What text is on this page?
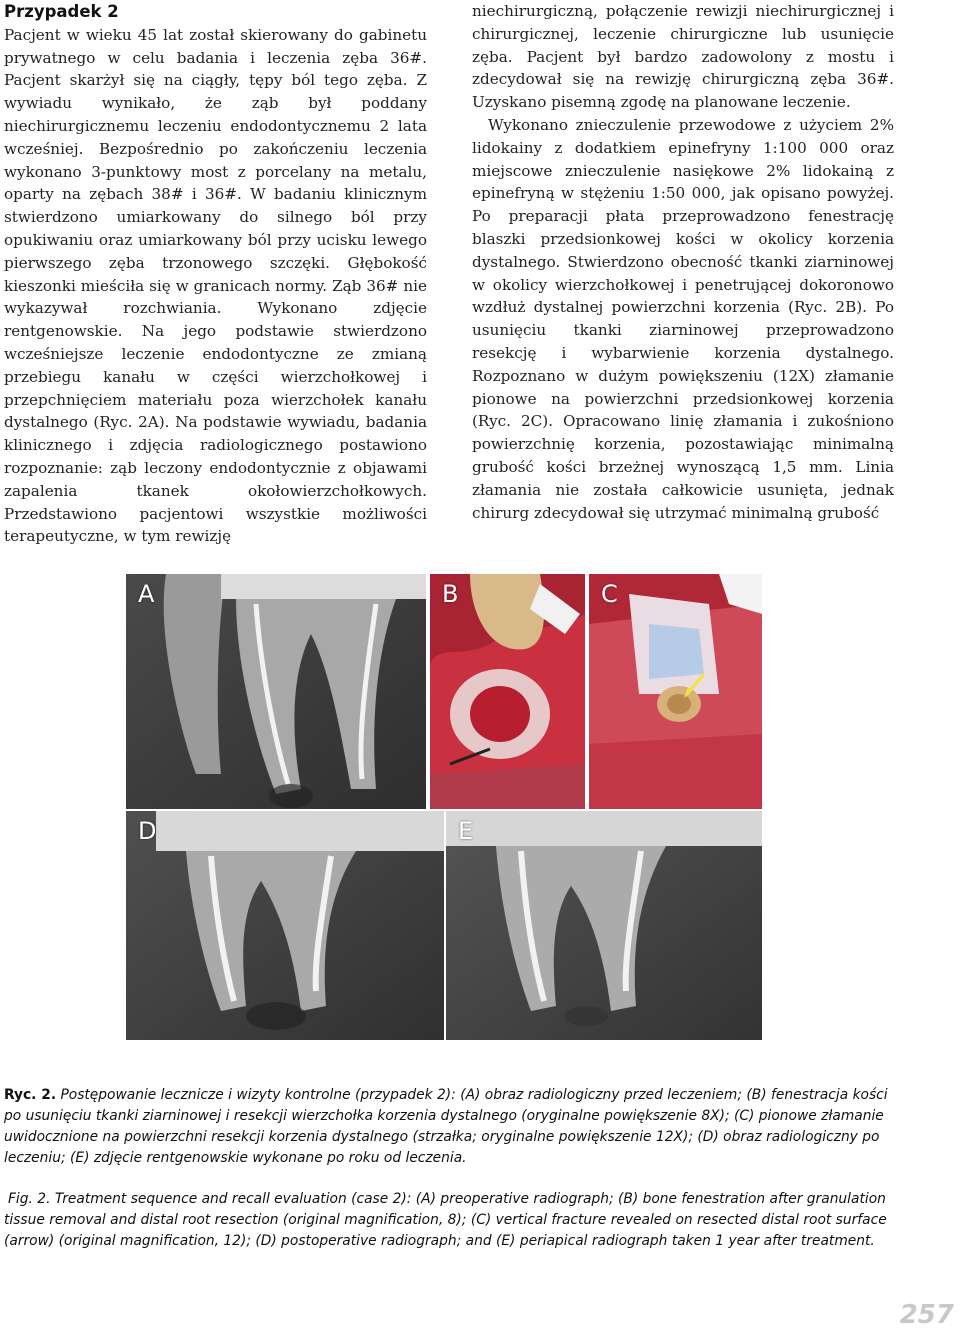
Przypadek 2

Pacjent w wieku 45 lat został skierowany do gabinetu prywatnego w celu badania i leczenia zęba 36#. Pacjent skarżył się na ciągły, tępy ból tego zęba. Z wywiadu wynikało, że ząb był poddany niechirurgicznemu leczeniu endodontycznemu 2 lata wcześniej. Bezpośrednio po zakończeniu leczenia wykonano 3-punktowy most z porcelany na metalu, oparty na zębach 38# i 36#. W badaniu klinicznym stwierdzono umiarkowany do silnego ból przy opukiwaniu oraz umiarkowany ból przy ucisku lewego pierwszego zęba trzonowego szczęki. Głębokość kieszonki mieściła się w granicach normy. Ząb 36# nie wykazywał rozchwiania. Wykonano zdjęcie rentgenowskie. Na jego podstawie stwierdzono wcześniejsze leczenie endodontyczne ze zmianą przebiegu kanału w części wierzchołkowej i przepchnięciem materiału poza wierzchołek kanału dystalnego (Ryc. 2A). Na podstawie wywiadu, badania klinicznego i zdjęcia radiologicznego postawiono rozpoznanie: ząb leczony endodontycznie z objawami zapalenia tkanek okołowierzchołkowych. Przedstawiono pacjentowi wszystkie możliwości terapeutyczne, w tym rewizję

niechirurgiczną, połączenie rewizji niechirurgicznej i chirurgicznej, leczenie chirurgiczne lub usunięcie zęba. Pacjent był bardzo zadowolony z mostu i zdecydował się na rewizję chirurgiczną zęba 36#. Uzyskano pisemną zgodę na planowane leczenie.

Wykonano znieczulenie przewodowe z użyciem 2% lidokainy z dodatkiem epinefryny 1:100 000 oraz miejscowe znieczulenie nasiękowe 2% lidokainą z epinefryną w stężeniu 1:50 000, jak opisano powyżej. Po preparacji płata przeprowadzono fenestrację blaszki przedsionkowej kości w okolicy korzenia dystalnego. Stwierdzono obecność tkanki ziarninowej w okolicy wierzchołkowej i penetrującej dokoronowo wzdłuż dystalnej powierzchni korzenia (Ryc. 2B). Po usunięciu tkanki ziarninowej przeprowadzono resekcję i wybarwienie korzenia dystalnego. Rozpoznano w dużym powiększeniu (12X) złamanie pionowe na powierzchni przedsionkowej korzenia (Ryc. 2C). Opracowano linię złamania i zukośniono powierzchnię korzenia, pozostawiając minimalną grubość kości brzeżnej wynoszącą 1,5 mm. Linia złamania nie została całkowicie usunięta, jednak chirurg zdecydował się utrzymać minimalną grubość

A	B	C
D	E
Ryc. 2. Postępowanie lecznicze i wizyty kontrolne (przypadek 2): (A) obraz radiologiczny przed leczeniem; (B) fenestracja kości po usunięciu tkanki ziarninowej i resekcji wierzchołka korzenia dystalnego (oryginalne powiększenie 8X); (C) pionowe złamanie uwidocznione na powierzchni resekcji korzenia dystalnego (strzałka; oryginalne powiększenie 12X); (D) obraz radiologiczny po leczeniu; (E) zdjęcie rentgenowskie wykonane po roku od leczenia.
Fig. 2. Treatment sequence and recall evaluation (case 2): (A) preoperative radiograph; (B) bone fenestration after granulation tissue removal and distal root resection (original magnification, 8); (C) vertical fracture revealed on resected distal root surface (arrow) (original magnification, 12); (D) postoperative radiograph; and (E) periapical radiograph taken 1 year after treatment.
257
